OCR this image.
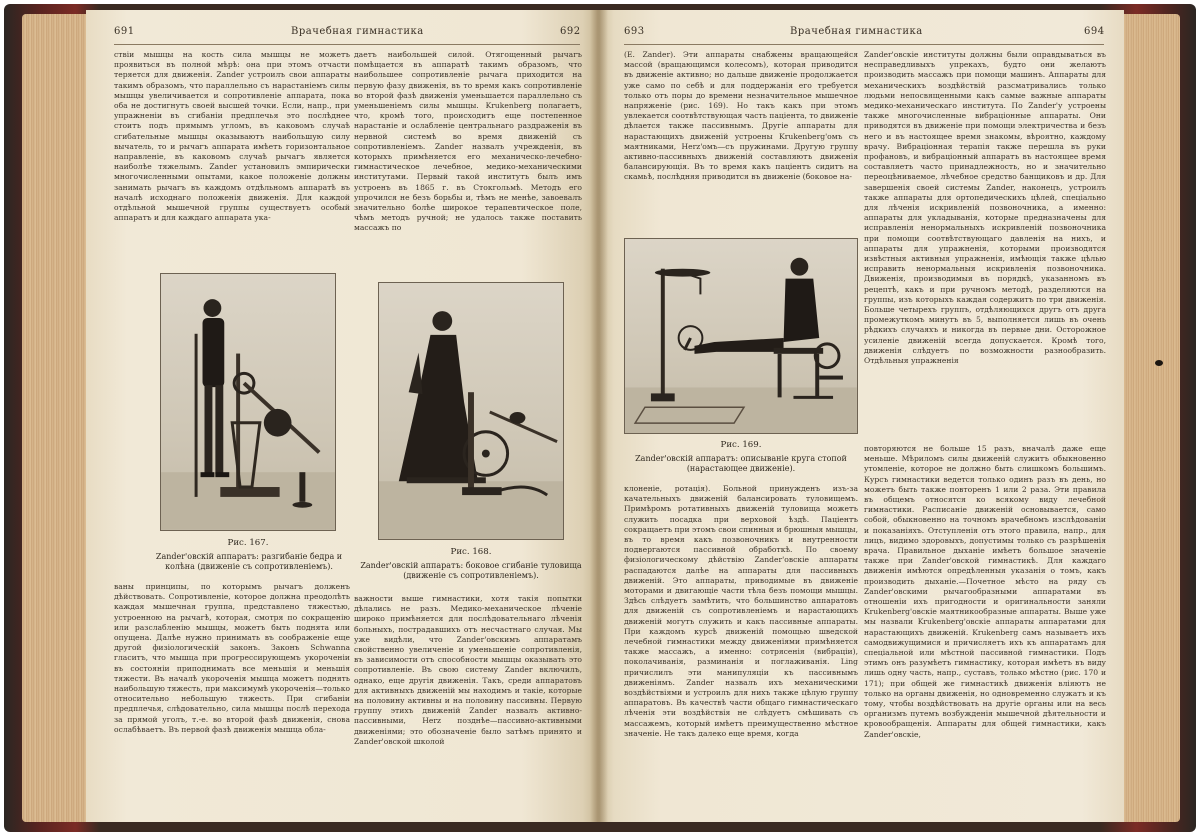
691	Врачебная гимнастика	692

ствіи мышцы на кость сила мышцы не можетъ проявиться въ полной мѣрѣ: она при этомъ отчасти теряется для движенія. Zander устроилъ свои аппараты такимъ образомъ, что параллельно съ нарастаніемъ силы мышцы увеличивается и сопротивленіе аппарата, пока оба не достигнутъ своей высшей точки. Если, напр., при упражненіи въ сгибаніи предплечья это послѣднее стоитъ подъ прямымъ угломъ, въ каковомъ случаѣ сгибательные мышцы оказываютъ наибольшую силу вычатель, то и рычагъ аппарата имѣетъ горизонтальное направленіе, въ каковомъ случаѣ рычагъ является наиболѣе тяжелымъ. Zander установилъ эмпирически многочисленными опытами, какое положеніе должны занимать рычагъ въ каждомъ отдѣльномъ аппаратѣ въ началѣ исходнаго положенія движенія. Для каждой отдѣльной мышечной группы существуетъ особый аппаратъ и для каждаго аппарата ука-

даетъ наибольшей силой. Отягощенный рычагъ помѣщается въ аппаратѣ такимъ образомъ, что наибольшее сопротивленіе рычага приходится на первую фазу движенія, въ то время какъ сопротивленіе во второй фазѣ движенія уменьшается параллельно съ уменьшеніемъ силы мышцы. Krukenberg полагаетъ, что, кромѣ того, происходитъ еще постепенное нарастаніе и ослабленіе центральнаго раздраженія въ нервной системѣ во время движеній съ сопротивленіемъ. Zander назвалъ учрежденія, въ которыхъ примѣняется его механическо-лечебно-гимнастическое лечебное, медико-механическими институтами. Первый такой институтъ былъ имъ устроенъ въ 1865 г. въ Стокгольмѣ. Методъ его упрочился не безъ борьбы и, тѣмъ не менѣе, завоевалъ значительно болѣе широкое терапевтическое поле, чѣмъ методъ ручной; не удалось также поставить массажъ по

Рис. 167.
Zander'овскій аппаратъ: разгибаніе бедра и колѣна (движеніе съ сопротивленіемъ).
Рис. 168.
Zander'овскій аппаратъ: боковое сгибаніе туловища (движеніе съ сопротивленіемъ).

ваны принципы, по которымъ рычагъ долженъ дѣйствовать. Сопротивленіе, которое должна преодолѣть каждая мышечная группа, представлено тяжестью, устроенною на рычагѣ, которая, смотря по сокращенію или разслабленію мышцы, можетъ быть поднята или опущена. Далѣе нужно принимать въ соображеніе еще другой физіологическій законъ. Законъ Schwanna гласитъ, что мышца при прогрессирующемъ укороченіи въ состояніи приподнимать все меньшія и меньшія тяжести. Въ началѣ укороченія мышца можетъ поднять наибольшую тяжесть, при максимумѣ укороченія—только относительно небольшую тяжесть. При сгибаніи предплечья, слѣдовательно, сила мышцы послѣ перехода за прямой уголъ, т.-е. во второй фазѣ движенія, снова ослабѣваетъ. Въ первой фазѣ движенія мышца обла-

важности выше гимнастики, хотя такія попытки дѣлались не разъ. Медико-механическое лѣченіе широко примѣняется для послѣдовательнаго лѣченія больныхъ, пострадавшихъ отъ несчастнаго случая. Мы уже видѣли, что Zander'овскимъ аппаратамъ свойственно увеличеніе и уменьшеніе сопротивленія, въ зависимости отъ способности мышцы оказывать это сопротивленіе. Въ свою систему Zander включилъ, однако, еще другія движенія. Такъ, среди аппаратовъ для активныхъ движеній мы находимъ и такіе, которые на половину активны и на половину пассивны. Первую группу этихъ движеній Zander назвалъ активно-пассивными, Herz позднѣе—пассивно-активными движеніями; это обозначеніе было затѣмъ принято и Zander'овской школой

693	Врачебная гимнастика	694

(E. Zander). Эти аппараты снабжены вращающейся массой (вращающимся колесомъ), которая приводится въ движеніе активно; но дальше движеніе продолжается уже само по себѣ и для поддержанія его требуется только отъ поры до времени незначительное мышечное напряженіе (рис. 169). Но такъ какъ при этомъ увлекается соотвѣтствующая часть пацiента, то движеніе дѣлается также пассивнымъ. Другіе аппараты для нарастающихъ движеній устроены Krukenberg'омъ съ маятниками, Herz'омъ—съ пружинами. Другую группу активно-пассивныхъ движеній составляютъ движенія балансирующія. Въ то время какъ пацiентъ сидитъ на скамьѣ, послѣдняя приводится въ движеніе (боковое на-

Рис. 169.
Zander'овскій аппаратъ: описываніе круга стопой (нарастающее движеніе).

клоненіе, ротація). Больной принужденъ изъ-за качательныхъ движеній балансировать туловищемъ. Примѣромъ ротативныхъ движеній туловища можетъ служить посадка при верховой ѣздѣ. Пацiентъ сокращаетъ при этомъ свои спинныя и брюшныя мышцы, въ то время какъ позвоночникъ и внутренности подвергаются пассивной обработкѣ. По своему физіологическому дѣйствію Zander'овскіе аппараты распадаются далѣе на аппараты для пассивныхъ движеній. Это аппараты, приводимые въ движеніе моторами и двигающіе части тѣла безъ помощи мышцы. Здѣсь слѣдуетъ замѣтить, что большинство аппаратовъ для движеній съ сопротивленіемъ и нарастающихъ движеній могутъ служить и какъ пассивные аппараты. При каждомъ курсѣ движеній помощью шведской лечебной гимнастики между движеніями примѣняется также массажъ, а именно: сотрясенія (вибраціи), поколачиванія, разминанія и поглаживанія. Ling причислилъ эти манипуляціи къ пассивнымъ движеніямъ. Zander назвалъ ихъ механическими воздѣйствіями и устроилъ для нихъ также цѣлую группу аппаратовъ. Въ качествѣ части общаго гимнастическаго лѣченія эти воздѣйствія не слѣдуетъ смѣшивать съ массажемъ, который имѣетъ преимущественно мѣстное значеніе. Не такъ далеко еще время, когда

Zander'овскіе институты должны были оправдываться въ несправедливыхъ упрекахъ, будто они желаютъ производить массажъ при помощи машинъ. Аппараты для механическихъ воздѣйствій разсматривались только людьми непосвященными какъ самые важные аппараты медико-механическаго института. По Zander'у устроены также многочисленные вибраціонные аппараты. Они приводятся въ движеніе при помощи электричества и безъ него и въ настоящее время знакомы, вѣроятно, каждому врачу. Вибраціонная терапія также перешла въ руки профановъ, и вибраціонный аппаратъ въ настоящее время составляетъ часто принадлежность, но и значительно переоцѣниваемое, лѣчебное средство банщиковъ и др. Для завершенія своей системы Zander, наконецъ, устроилъ также аппараты для ортопедическихъ цѣлей, спеціально для лѣченія искривленій позвоночника, а именно: аппараты для укладыванія, которые предназначены для исправленія ненормальныхъ искривленій позвоночника при помощи соотвѣтствующаго давленія на нихъ, и аппараты для упражненія, которыми производятся извѣстныя активныя упражненія, имѣющія также цѣлью исправить ненормальныя искривленія позвоночника. Движенія, производимыя въ порядкѣ, указанномъ въ рецептѣ, какъ и при ручномъ методѣ, разделяются на группы, изъ которыхъ каждая содержитъ по три движенія. Больше четырехъ группъ, отдѣляющихся другъ отъ друга промежуткомъ минутъ въ 5, выполняется лишь въ очень рѣдкихъ случаяхъ и никогда въ первые дни. Осторожное усиленіе движеній всегда допускается. Кромѣ того, движенія слѣдуетъ по возможности разнообразить. Отдѣльныя упражненія

повторяются не больше 15 разъ, вначалѣ даже еще меньше. Мѣриломъ силы движеній служитъ обыкновенно утомленіе, которое не должно быть слишкомъ большимъ. Курсъ гимнастики ведется только одинъ разъ въ день, но можетъ быть также повторенъ 1 или 2 раза. Эти правила въ общемъ относятся ко всякому виду лечебной гимнастики. Расписаніе движеній основывается, само собой, обыкновенно на точномъ врачебномъ изслѣдованіи и показаніяхъ. Отступленія отъ этого правила, напр., для лицъ, видимо здоровыхъ, допустимы только съ разрѣшенія врача. Правильное дыханіе имѣетъ большое значеніе также при Zander'овской гимнастикѣ. Для каждаго движенія имѣются опредѣленныя указанія о томъ, какъ производить дыханіе.—Почетное мѣсто на ряду съ Zander'овскими рычагообразными аппаратами въ отношеніи ихъ пригодности и оригинальности заняли Krukenberg'овскіе маятникообразные аппараты. Выше уже мы назвали Krukenberg'овскіе аппараты аппаратами для нарастающихъ движеній. Krukenberg самъ называетъ ихъ самодвижущимися и причисляетъ ихъ къ аппаратамъ для спеціальной или мѣстной пассивной гимнастики. Подъ этимъ онъ разумѣетъ гимнастику, которая имѣетъ въ виду лишь одну часть, напр., суставъ, только мѣстно (рис. 170 и 171); при общей же гимнастикѣ движенія вліяютъ не только на органы движенія, но одновременно служатъ и къ тому, чтобы воздѣйствовать на другіе органы или на весь организмъ путемъ возбужденія мышечной дѣятельности и кровообращенія. Аппараты для общей гимнастики, какъ Zander'овскіе,
